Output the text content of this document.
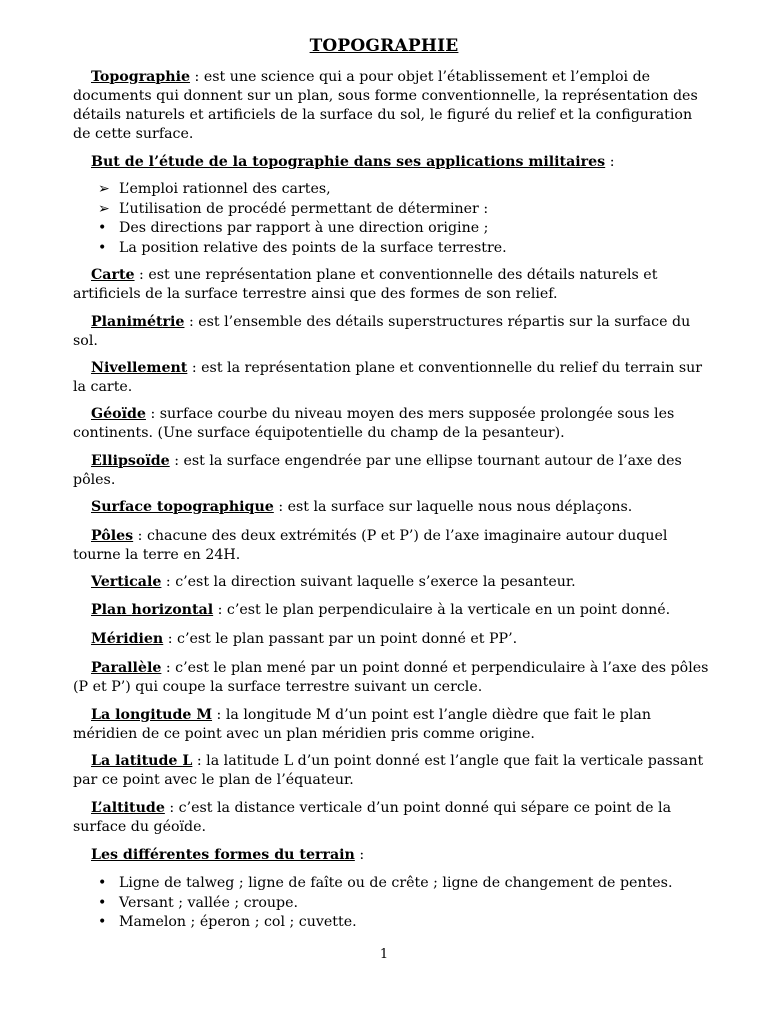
TOPOGRAPHIE

Topographie : est une science qui a pour objet l’établissement et l’emploi de documents qui donnent sur un plan, sous forme conventionnelle, la représentation des détails naturels et artificiels de la surface du sol, le figuré du relief et la configuration de cette surface.

But de l’étude de la topographie dans ses applications militaires :

➢ L’emploi rationnel des cartes,
➢ L’utilisation de procédé permettant de déterminer :
• Des directions par rapport à une direction origine ;
• La position relative des points de la surface terrestre.

Carte : est une représentation plane et conventionnelle des détails naturels et artificiels de la surface terrestre ainsi que des formes de son relief.

Planimétrie : est l’ensemble des détails superstructures répartis sur la surface du sol.

Nivellement : est la représentation plane et conventionnelle du relief du terrain sur la carte.

Géoïde : surface courbe du niveau moyen des mers supposée prolongée sous les continents. (Une surface équipotentielle du champ de la pesanteur).

Ellipsoïde : est la surface engendrée par une ellipse tournant autour de l’axe des pôles.

Surface topographique : est la surface sur laquelle nous nous déplaçons.

Pôles : chacune des deux extrémités (P et P’) de l’axe imaginaire autour duquel tourne la terre en 24H.

Verticale : c’est la direction suivant laquelle s’exerce la pesanteur.

Plan horizontal : c’est le plan perpendiculaire à la verticale en un point donné.

Méridien : c’est le plan passant par un point donné et PP’.

Parallèle : c’est le plan mené par un point donné et perpendiculaire à l’axe des pôles (P et P’) qui coupe la surface terrestre suivant un cercle.

La longitude M : la longitude M d’un point est l’angle dièdre que fait le plan méridien de ce point avec un plan méridien pris comme origine.

La latitude L : la latitude L d’un point donné est l’angle que fait la verticale passant par ce point avec le plan de l’équateur.

L’altitude : c’est la distance verticale d’un point donné qui sépare ce point de la surface du géoïde.

Les différentes formes du terrain :

• Ligne de talweg ; ligne de faîte ou de crête ; ligne de changement de pentes.
• Versant ; vallée ; croupe.
• Mamelon ; éperon ; col ; cuvette.
1
